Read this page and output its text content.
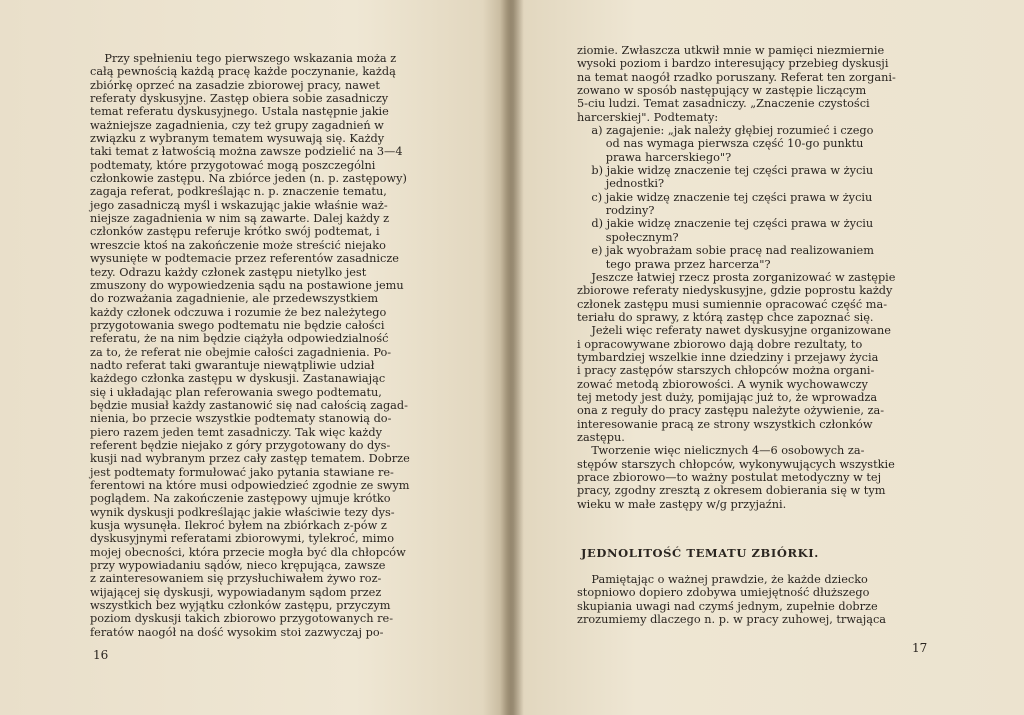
Przy spełnieniu tego pierwszego wskazania moża z
całą pewnością każdą pracę każde poczynanie, każdą
zbiórkę oprzeć na zasadzie zbiorowej pracy, nawet
referaty dyskusyjne. Zastęp obiera sobie zasadniczy
temat referatu dyskusyjnego. Ustala następnie jakie
ważniejsze zagadnienia, czy też grupy zagadnień w
związku z wybranym tematem wysuwają się. Każdy
taki temat z łatwością można zawsze podzielić na 3—4
podtematy, które przygotować mogą poszczególni
członkowie zastępu. Na zbiórce jeden (n. p. zastępowy)
zagaja referat, podkreślając n. p. znaczenie tematu,
jego zasadniczą myśl i wskazując jakie właśnie waż-
niejsze zagadnienia w nim są zawarte. Dalej każdy z
członków zastępu referuje krótko swój podtemat, i
wreszcie ktoś na zakończenie może streścić niejako
wysunięte w podtemacie przez referentów zasadnicze
tezy. Odrazu każdy członek zastępu nietylko jest
zmuszony do wypowiedzenia sądu na postawione jemu
do rozważania zagadnienie, ale przedewszystkiem
każdy członek odczuwa i rozumie że bez należytego
przygotowania swego podtematu nie będzie całości
referatu, że na nim będzie ciążyła odpowiedzialność
za to, że referat nie obejmie całości zagadnienia. Po-
nadto referat taki gwarantuje niewątpliwie udział
każdego członka zastępu w dyskusji. Zastanawiając
się i układając plan referowania swego podtematu,
będzie musiał każdy zastanowić się nad całością zagad-
nienia, bo przecie wszystkie podtematy stanowią do-
piero razem jeden temt zasadniczy. Tak więc każdy
referent będzie niejako z góry przygotowany do dys-
kusji nad wybranym przez cały zastęp tematem. Dobrze
jest podtematy formułować jako pytania stawiane re-
ferentowi na które musi odpowiedzieć zgodnie ze swym
poglądem. Na zakończenie zastępowy ujmuje krótko
wynik dyskusji podkreślając jakie właściwie tezy dys-
kusja wysunęła. Ilekroć byłem na zbiórkach z-pów z
dyskusyjnymi referatami zbiorowymi, tylekroć, mimo
mojej obecności, która przecie mogła być dla chłopców
przy wypowiadaniu sądów, nieco krępująca, zawsze
z zainteresowaniem się przysłuchiwałem żywo roz-
wijającej się dyskusji, wypowiadanym sądom przez
wszystkich bez wyjątku członków zastępu, przyczym
poziom dyskusji takich zbiorowo przygotowanych re-
feratów naogół na dość wysokim stoi zazwyczaj po-

16

ziomie. Zwłaszcza utkwił mnie w pamięci niezmiernie
wysoki poziom i bardzo interesujący przebieg dyskusji
na temat naogół rzadko poruszany. Referat ten zorgani-
zowano w sposób następujący w zastępie liczącym
5-ciu ludzi. Temat zasadniczy. „Znaczenie czystości
harcerskiej". Podtematy:
a) zagajenie: „jak należy głębiej rozumieć i czego
od nas wymaga pierwsza część 10-go punktu
prawa harcerskiego"?
b) jakie widzę znaczenie tej części prawa w życiu
jednostki?
c) jakie widzę znaczenie tej części prawa w życiu
rodziny?
d) jakie widzę znaczenie tej części prawa w życiu
społecznym?
e) jak wyobrażam sobie pracę nad realizowaniem
tego prawa przez harcerza"?
Jeszcze łatwiej rzecz prosta zorganizować w zastępie
zbiorowe referaty niedyskusyjne, gdzie poprostu każdy
członek zastępu musi sumiennie opracować część ma-
teriału do sprawy, z którą zastęp chce zapoznać się.
Jeżeli więc referaty nawet dyskusyjne organizowane
i opracowywane zbiorowo dają dobre rezultaty, to
tymbardziej wszelkie inne dziedziny i przejawy życia
i pracy zastępów starszych chłopców można organi-
zować metodą zbiorowości. A wynik wychowawczy
tej metody jest duży, pomijając już to, że wprowadza
ona z reguły do pracy zastępu należyte ożywienie, za-
interesowanie pracą ze strony wszystkich członków
zastępu.
Tworzenie więc nielicznych 4—6 osobowych za-
stępów starszych chłopców, wykonywujących wszystkie
prace zbiorowo—to ważny postulat metodyczny w tej
pracy, zgodny zresztą z okresem dobierania się w tym
wieku w małe zastępy w/g przyjaźni.

JEDNOLITOŚĆ TEMATU ZBIÓRKI.

Pamiętając o ważnej prawdzie, że każde dziecko
stopniowo dopiero zdobywa umiejętność dłuższego
skupiania uwagi nad czymś jednym, zupełnie dobrze
zrozumiemy dlaczego n. p. w pracy zuhowej, trwająca

17
